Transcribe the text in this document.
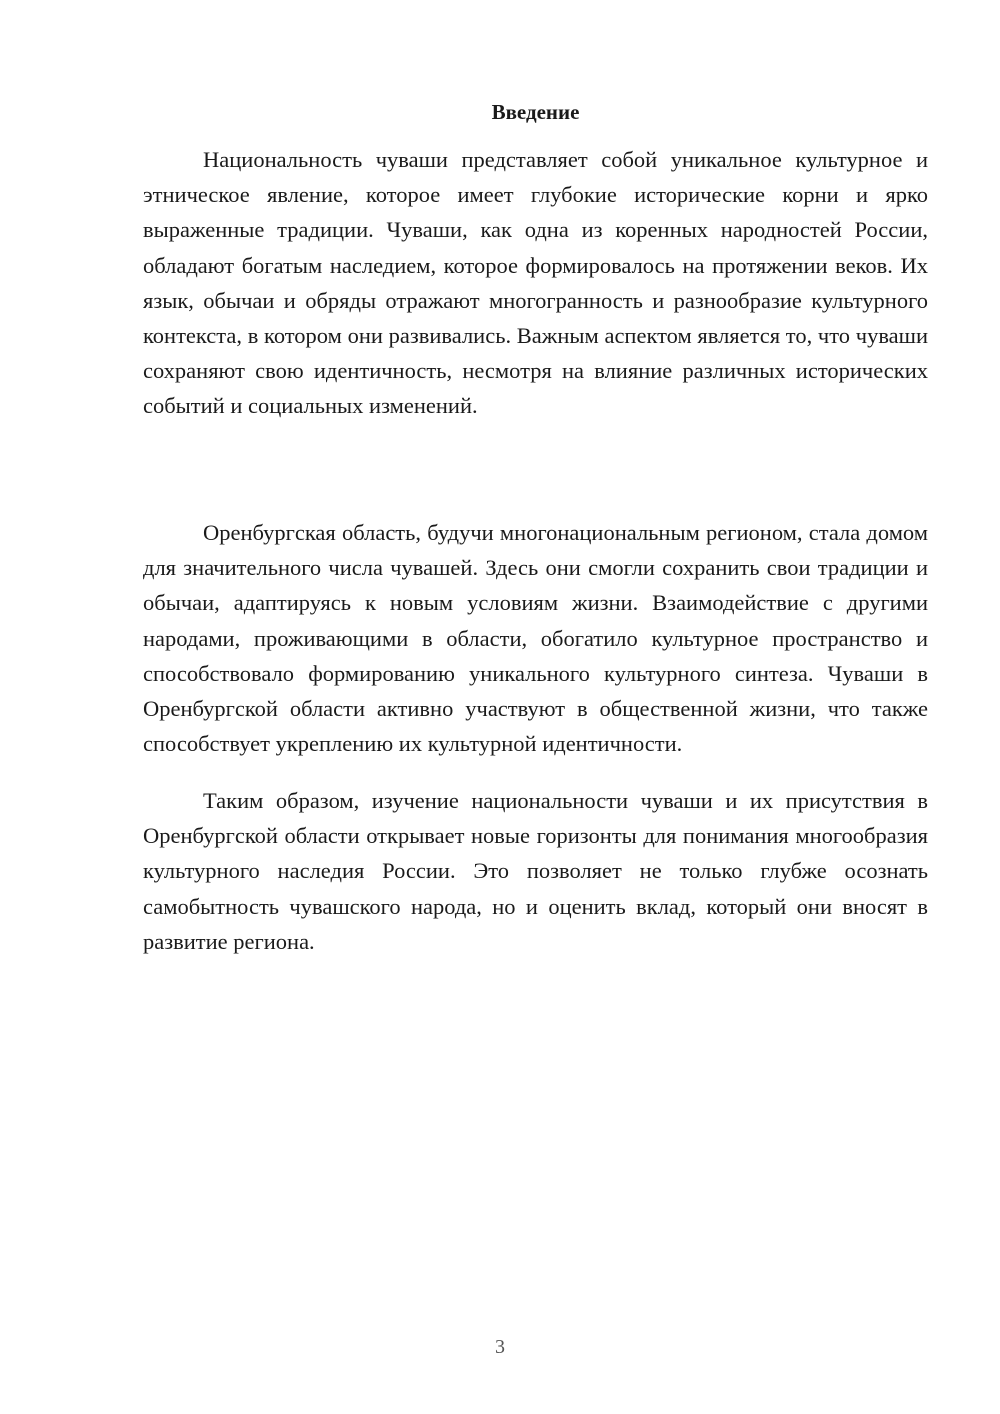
Введение

Национальность чуваши представляет собой уникальное культурное и этническое явление, которое имеет глубокие исторические корни и ярко выраженные традиции. Чуваши, как одна из коренных народностей России, обладают богатым наследием, которое формировалось на протяжении веков. Их язык, обычаи и обряды отражают многогранность и разнообразие культурного контекста, в котором они развивались. Важным аспектом является то, что чуваши сохраняют свою идентичность, несмотря на влияние различных исторических событий и социальных изменений.

Оренбургская область, будучи многонациональным регионом, стала домом для значительного числа чувашей. Здесь они смогли сохранить свои традиции и обычаи, адаптируясь к новым условиям жизни. Взаимодействие с другими народами, проживающими в области, обогатило культурное пространство и способствовало формированию уникального культурного синтеза. Чуваши в Оренбургской области активно участвуют в общественной жизни, что также способствует укреплению их культурной идентичности.

Таким образом, изучение национальности чуваши и их присутствия в Оренбургской области открывает новые горизонты для понимания многообразия культурного наследия России. Это позволяет не только глубже осознать самобытность чувашского народа, но и оценить вклад, который они вносят в развитие региона.

3
